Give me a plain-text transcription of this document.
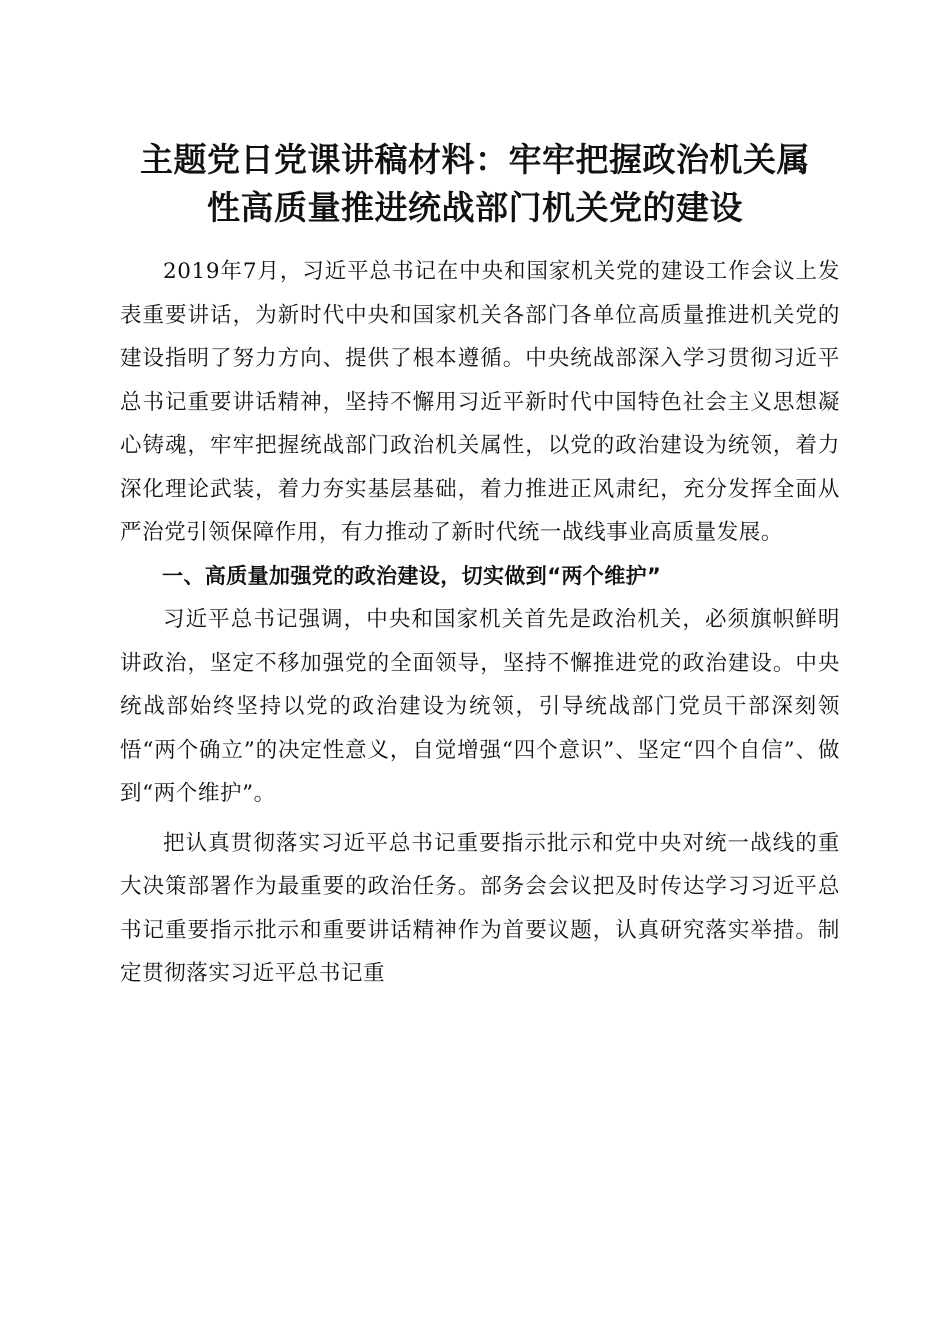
主题党日党课讲稿材料：牢牢把握政治机关属
性高质量推进统战部门机关党的建设

2019年7月，习近平总书记在中央和国家机关党的建设工作会议上发表重要讲话，为新时代中央和国家机关各部门各单位高质量推进机关党的建设指明了努力方向、提供了根本遵循。中央统战部深入学习贯彻习近平总书记重要讲话精神，坚持不懈用习近平新时代中国特色社会主义思想凝心铸魂，牢牢把握统战部门政治机关属性，以党的政治建设为统领，着力深化理论武装，着力夯实基层基础，着力推进正风肃纪，充分发挥全面从严治党引领保障作用，有力推动了新时代统一战线事业高质量发展。

一、高质量加强党的政治建设，切实做到“两个维护”

习近平总书记强调，中央和国家机关首先是政治机关，必须旗帜鲜明讲政治，坚定不移加强党的全面领导，坚持不懈推进党的政治建设。中央统战部始终坚持以党的政治建设为统领，引导统战部门党员干部深刻领悟“两个确立”的决定性意义，自觉增强“四个意识”、坚定“四个自信”、做到“两个维护”。

把认真贯彻落实习近平总书记重要指示批示和党中央对统一战线的重大决策部署作为最重要的政治任务。部务会会议把及时传达学习习近平总书记重要指示批示和重要讲话精神作为首要议题，认真研究落实举措。制定贯彻落实习近平总书记重
